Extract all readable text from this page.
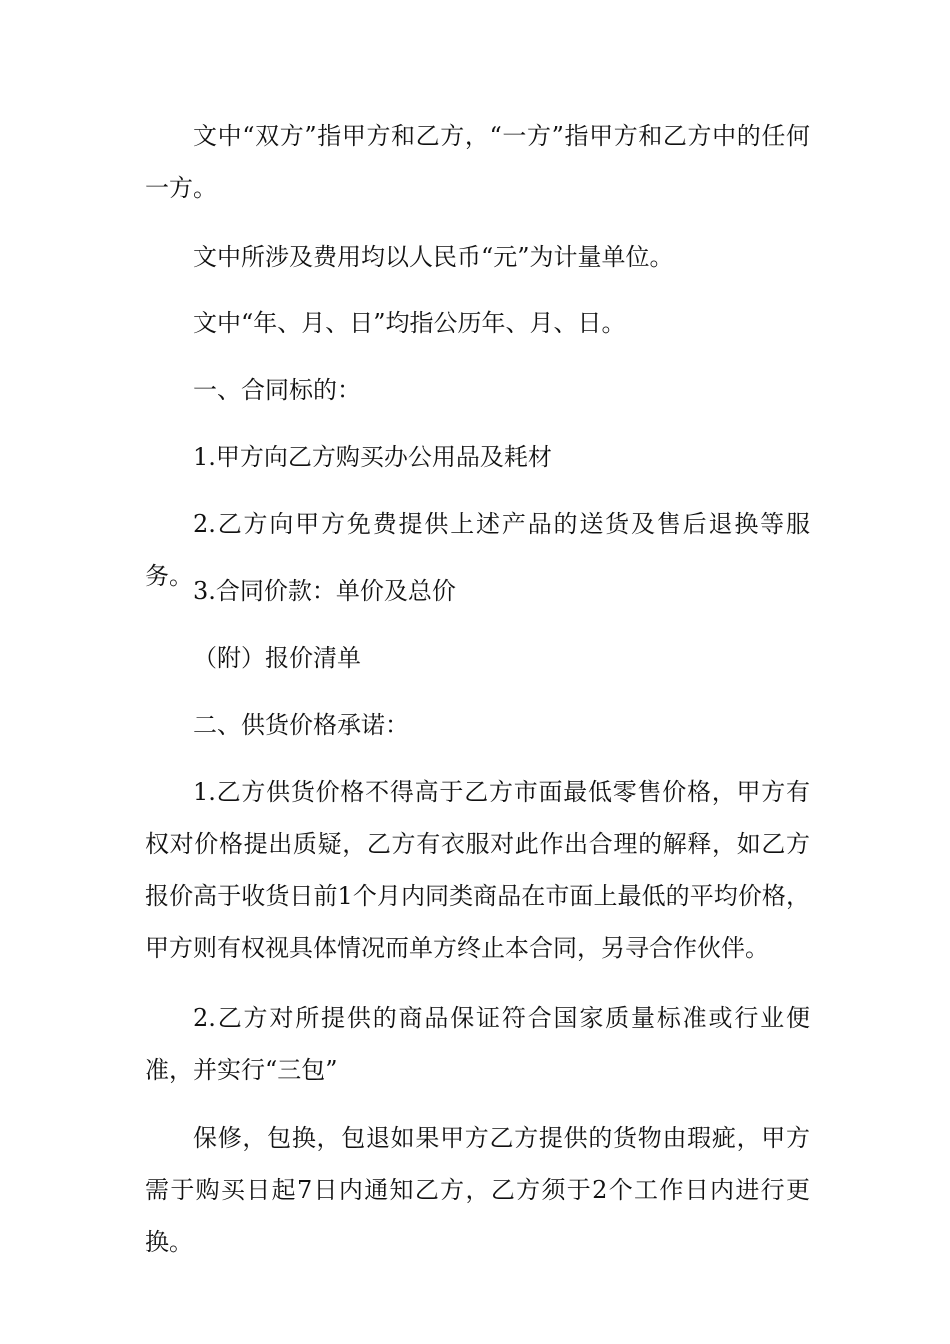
文中“双方”指甲方和乙方，“一方”指甲方和乙方中的任何一方。

文中所涉及费用均以人民币“元”为计量单位。

文中“年、月、日”均指公历年、月、日。

一、合同标的：

1.甲方向乙方购买办公用品及耗材

2.乙方向甲方免费提供上述产品的送货及售后退换等服务。

3.合同价款：单价及总价

（附）报价清单

二、供货价格承诺：

1.乙方供货价格不得高于乙方市面最低零售价格，甲方有权对价格提出质疑，乙方有衣服对此作出合理的解释，如乙方报价高于收货日前1个月内同类商品在市面上最低的平均价格，甲方则有权视具体情况而单方终止本合同，另寻合作伙伴。

2.乙方对所提供的商品保证符合国家质量标准或行业便准，并实行“三包”

保修，包换，包退如果甲方乙方提供的货物由瑕疵，甲方需于购买日起7日内通知乙方，乙方须于2个工作日内进行更换。
